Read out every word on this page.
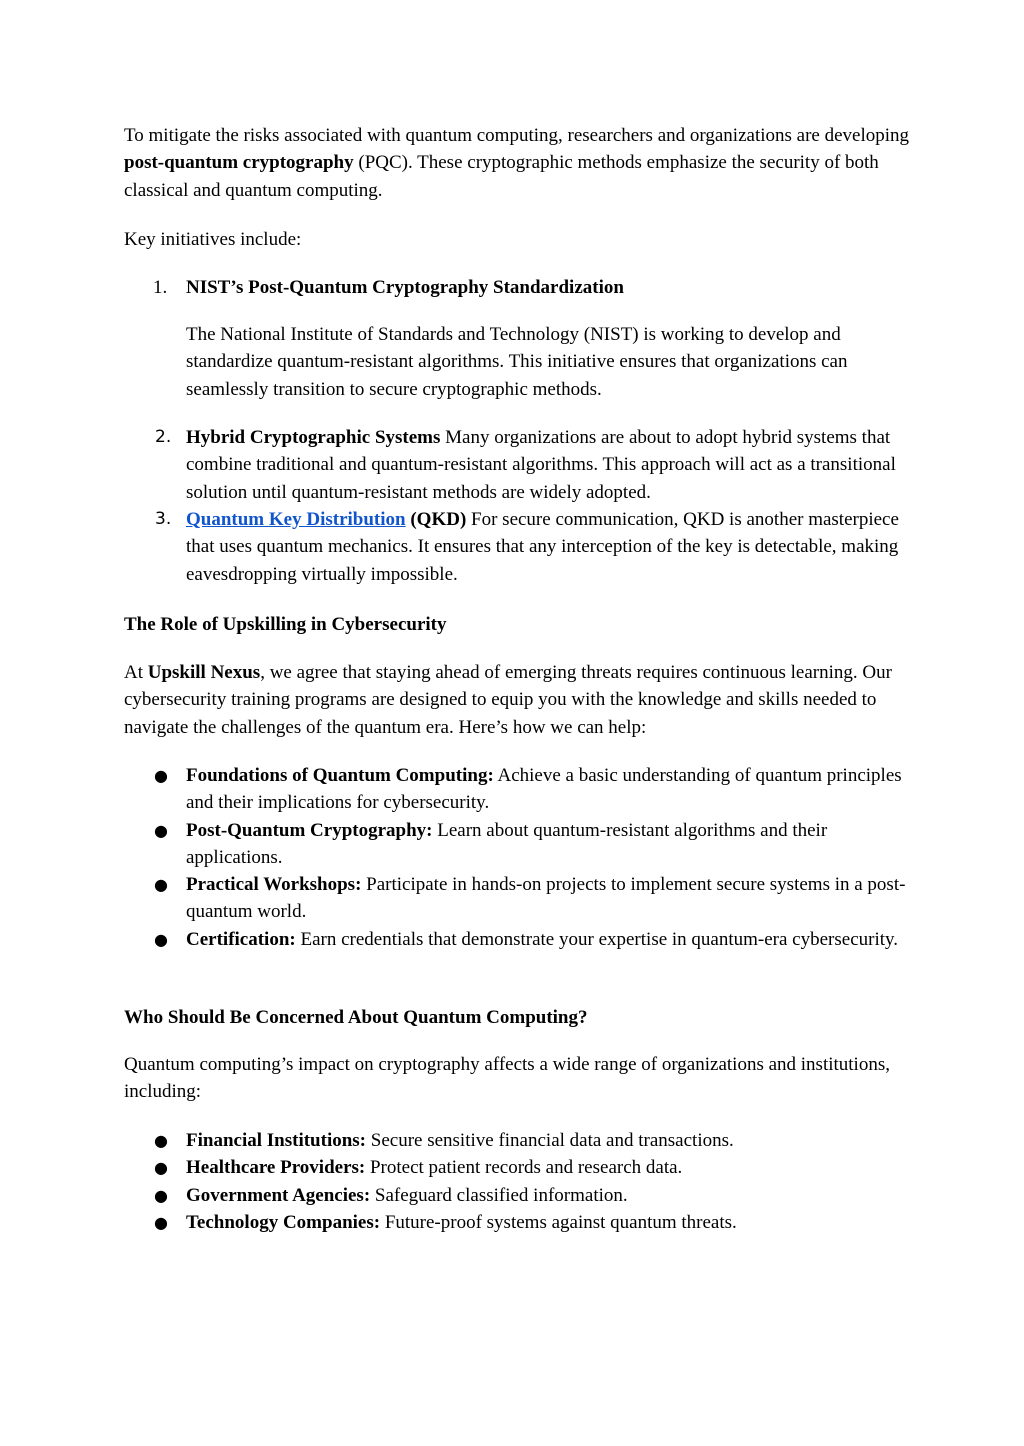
To mitigate the risks associated with quantum computing, researchers and organizations are developing post-quantum cryptography (PQC). These cryptographic methods emphasize the security of both classical and quantum computing.

Key initiatives include:

1. NIST’s Post-Quantum Cryptography Standardization

The National Institute of Standards and Technology (NIST) is working to develop and standardize quantum-resistant algorithms. This initiative ensures that organizations can seamlessly transition to secure cryptographic methods.

2. Hybrid Cryptographic Systems Many organizations are about to adopt hybrid systems that combine traditional and quantum-resistant algorithms. This approach will act as a transitional solution until quantum-resistant methods are widely adopted.

3. Quantum Key Distribution (QKD) For secure communication, QKD is another masterpiece that uses quantum mechanics. It ensures that any interception of the key is detectable, making eavesdropping virtually impossible.

The Role of Upskilling in Cybersecurity

At Upskill Nexus, we agree that staying ahead of emerging threats requires continuous learning. Our cybersecurity training programs are designed to equip you with the knowledge and skills needed to navigate the challenges of the quantum era. Here’s how we can help:

● Foundations of Quantum Computing: Achieve a basic understanding of quantum principles and their implications for cybersecurity.

● Post-Quantum Cryptography: Learn about quantum-resistant algorithms and their applications.

● Practical Workshops: Participate in hands-on projects to implement secure systems in a post-quantum world.

● Certification: Earn credentials that demonstrate your expertise in quantum-era cybersecurity.

Who Should Be Concerned About Quantum Computing?

Quantum computing’s impact on cryptography affects a wide range of organizations and institutions, including:

● Financial Institutions: Secure sensitive financial data and transactions.

● Healthcare Providers: Protect patient records and research data.

● Government Agencies: Safeguard classified information.

● Technology Companies: Future-proof systems against quantum threats.
